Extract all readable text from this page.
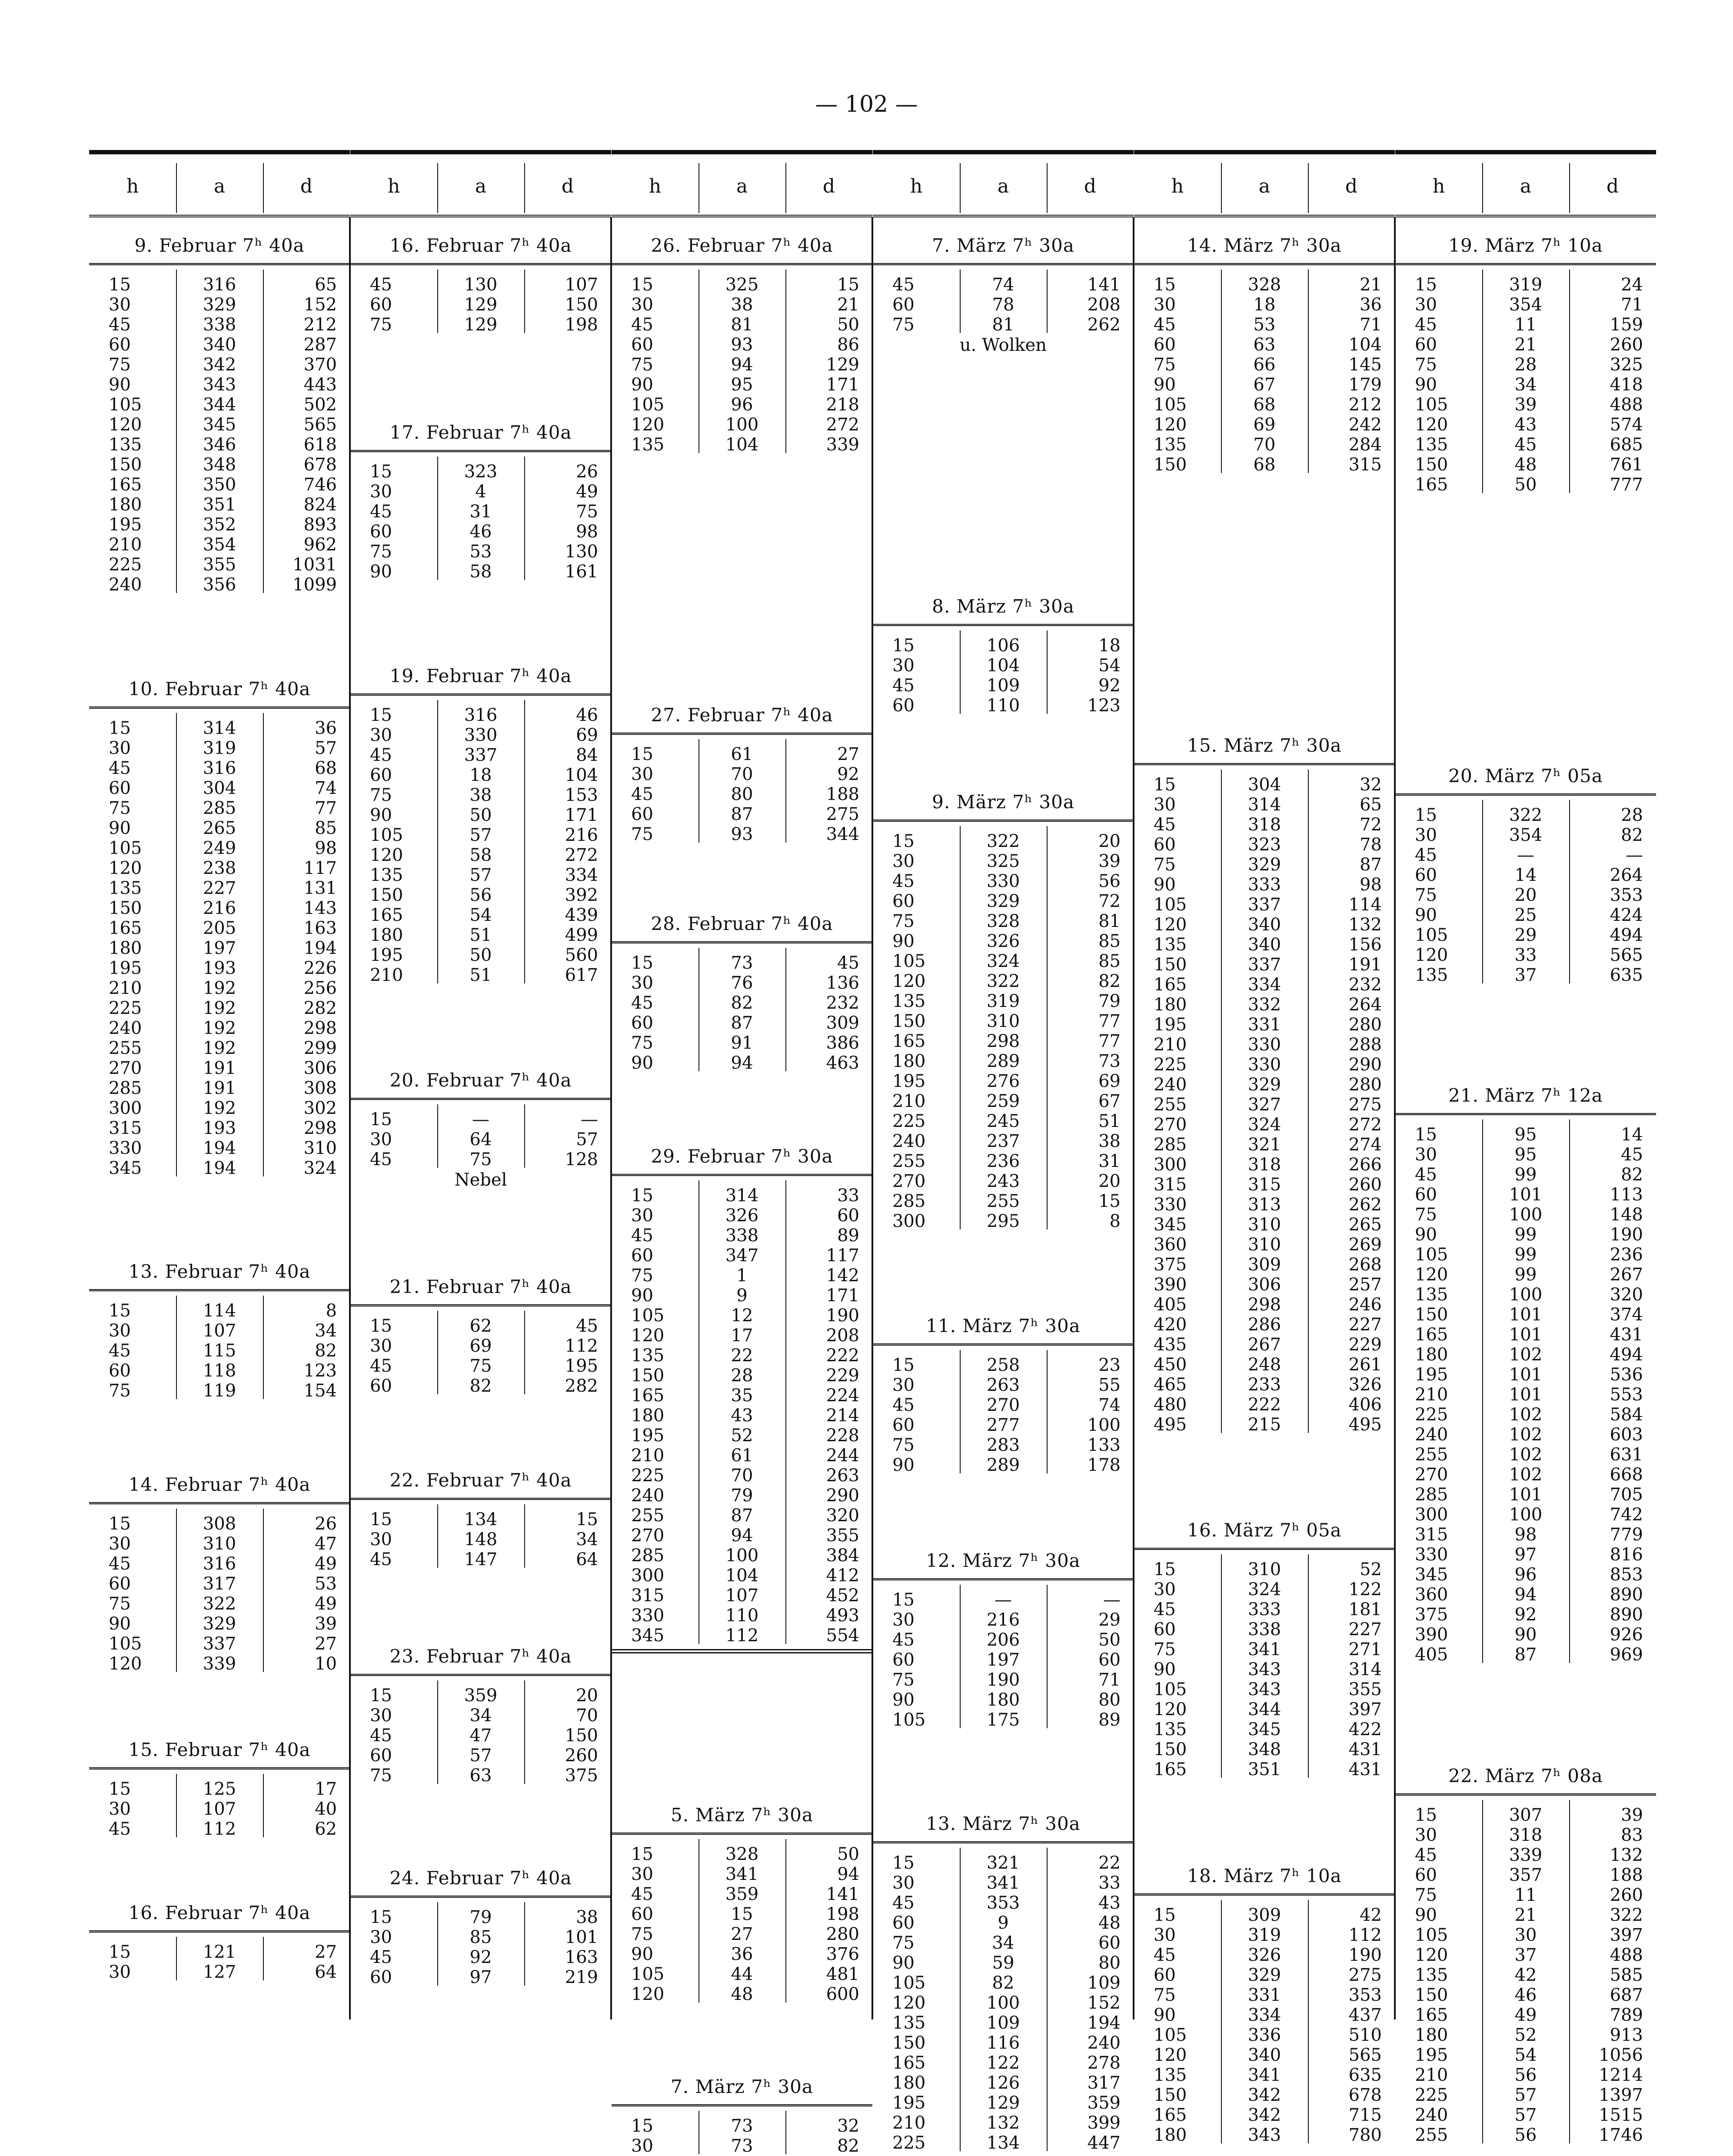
— 102 —
h	a	d
9. Februar 7ʰ 40a
15	316	65
30	329	152
45	338	212
60	340	287
75	342	370
90	343	443
105	344	502
120	345	565
135	346	618
150	348	678
165	350	746
180	351	824
195	352	893
210	354	962
225	355	1031
240	356	1099
10. Februar 7ʰ 40a
15	314	36
30	319	57
45	316	68
60	304	74
75	285	77
90	265	85
105	249	98
120	238	117
135	227	131
150	216	143
165	205	163
180	197	194
195	193	226
210	192	256
225	192	282
240	192	298
255	192	299
270	191	306
285	191	308
300	192	302
315	193	298
330	194	310
345	194	324
13. Februar 7ʰ 40a
15	114	8
30	107	34
45	115	82
60	118	123
75	119	154
14. Februar 7ʰ 40a
15	308	26
30	310	47
45	316	49
60	317	53
75	322	49
90	329	39
105	337	27
120	339	10
15. Februar 7ʰ 40a
15	125	17
30	107	40
45	112	62
16. Februar 7ʰ 40a
15	121	27
30	127	64
h	a	d
16. Februar 7ʰ 40a
45	130	107
60	129	150
75	129	198
17. Februar 7ʰ 40a
15	323	26
30	4	49
45	31	75
60	46	98
75	53	130
90	58	161
19. Februar 7ʰ 40a
15	316	46
30	330	69
45	337	84
60	18	104
75	38	153
90	50	171
105	57	216
120	58	272
135	57	334
150	56	392
165	54	439
180	51	499
195	50	560
210	51	617
20. Februar 7ʰ 40a
15	—	—
30	64	57
45	75	128
Nebel
21. Februar 7ʰ 40a
15	62	45
30	69	112
45	75	195
60	82	282
22. Februar 7ʰ 40a
15	134	15
30	148	34
45	147	64
23. Februar 7ʰ 40a
15	359	20
30	34	70
45	47	150
60	57	260
75	63	375
24. Februar 7ʰ 40a
15	79	38
30	85	101
45	92	163
60	97	219
h	a	d
26. Februar 7ʰ 40a
15	325	15
30	38	21
45	81	50
60	93	86
75	94	129
90	95	171
105	96	218
120	100	272
135	104	339
27. Februar 7ʰ 40a
15	61	27
30	70	92
45	80	188
60	87	275
75	93	344
28. Februar 7ʰ 40a
15	73	45
30	76	136
45	82	232
60	87	309
75	91	386
90	94	463
29. Februar 7ʰ 30a
15	314	33
30	326	60
45	338	89
60	347	117
75	1	142
90	9	171
105	12	190
120	17	208
135	22	222
150	28	229
165	35	224
180	43	214
195	52	228
210	61	244
225	70	263
240	79	290
255	87	320
270	94	355
285	100	384
300	104	412
315	107	452
330	110	493
345	112	554
5. März 7ʰ 30a
15	328	50
30	341	94
45	359	141
60	15	198
75	27	280
90	36	376
105	44	481
120	48	600
7. März 7ʰ 30a
15	73	32
30	73	82
h	a	d
7. März 7ʰ 30a
45	74	141
60	78	208
75	81	262
u. Wolken
8. März 7ʰ 30a
15	106	18
30	104	54
45	109	92
60	110	123
9. März 7ʰ 30a
15	322	20
30	325	39
45	330	56
60	329	72
75	328	81
90	326	85
105	324	85
120	322	82
135	319	79
150	310	77
165	298	77
180	289	73
195	276	69
210	259	67
225	245	51
240	237	38
255	236	31
270	243	20
285	255	15
300	295	8
11. März 7ʰ 30a
15	258	23
30	263	55
45	270	74
60	277	100
75	283	133
90	289	178
12. März 7ʰ 30a
15	—	—
30	216	29
45	206	50
60	197	60
75	190	71
90	180	80
105	175	89
13. März 7ʰ 30a
15	321	22
30	341	33
45	353	43
60	9	48
75	34	60
90	59	80
105	82	109
120	100	152
135	109	194
150	116	240
165	122	278
180	126	317
195	129	359
210	132	399
225	134	447
h	a	d
14. März 7ʰ 30a
15	328	21
30	18	36
45	53	71
60	63	104
75	66	145
90	67	179
105	68	212
120	69	242
135	70	284
150	68	315
15. März 7ʰ 30a
15	304	32
30	314	65
45	318	72
60	323	78
75	329	87
90	333	98
105	337	114
120	340	132
135	340	156
150	337	191
165	334	232
180	332	264
195	331	280
210	330	288
225	330	290
240	329	280
255	327	275
270	324	272
285	321	274
300	318	266
315	315	260
330	313	262
345	310	265
360	310	269
375	309	268
390	306	257
405	298	246
420	286	227
435	267	229
450	248	261
465	233	326
480	222	406
495	215	495
16. März 7ʰ 05a
15	310	52
30	324	122
45	333	181
60	338	227
75	341	271
90	343	314
105	343	355
120	344	397
135	345	422
150	348	431
165	351	431
18. März 7ʰ 10a
15	309	42
30	319	112
45	326	190
60	329	275
75	331	353
90	334	437
105	336	510
120	340	565
135	341	635
150	342	678
165	342	715
180	343	780
h	a	d
19. März 7ʰ 10a
15	319	24
30	354	71
45	11	159
60	21	260
75	28	325
90	34	418
105	39	488
120	43	574
135	45	685
150	48	761
165	50	777
20. März 7ʰ 05a
15	322	28
30	354	82
45	—	—
60	14	264
75	20	353
90	25	424
105	29	494
120	33	565
135	37	635
21. März 7ʰ 12a
15	95	14
30	95	45
45	99	82
60	101	113
75	100	148
90	99	190
105	99	236
120	99	267
135	100	320
150	101	374
165	101	431
180	102	494
195	101	536
210	101	553
225	102	584
240	102	603
255	102	631
270	102	668
285	101	705
300	100	742
315	98	779
330	97	816
345	96	853
360	94	890
375	92	890
390	90	926
405	87	969
22. März 7ʰ 08a
15	307	39
30	318	83
45	339	132
60	357	188
75	11	260
90	21	322
105	30	397
120	37	488
135	42	585
150	46	687
165	49	789
180	52	913
195	54	1056
210	56	1214
225	57	1397
240	57	1515
255	56	1746
